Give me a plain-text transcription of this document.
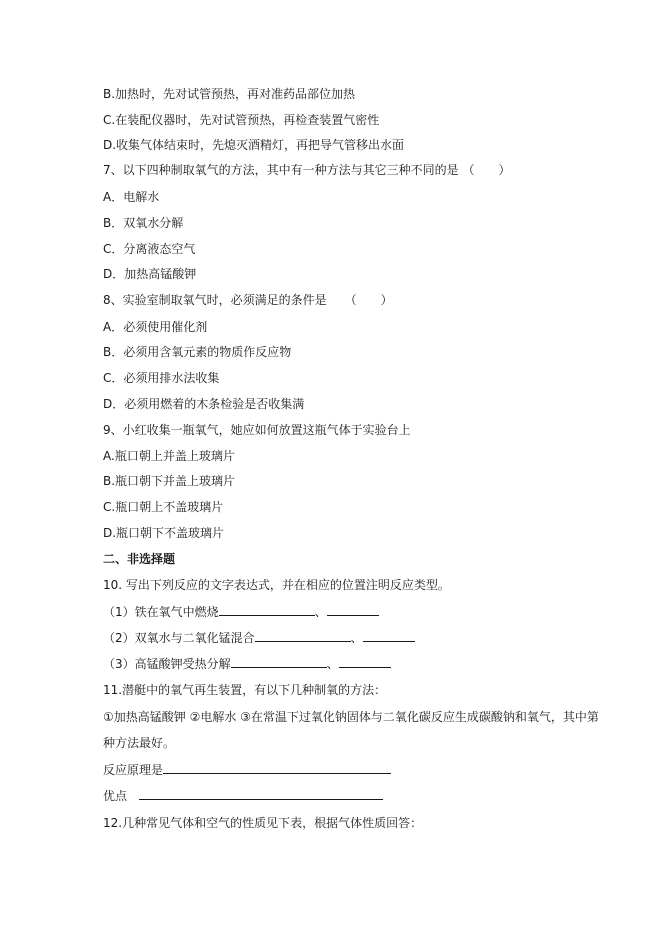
B.加热时，先对试管预热，再对准药品部位加热
C.在装配仪器时，先对试管预热，再检查装置气密性
D.收集气体结束时，先熄灭酒精灯，再把导气管移出水面
7、以下四种制取氧气的方法，其中有一种方法与其它三种不同的是 （　　）
A．电解水
B．双氧水分解
C．分离液态空气
D．加热高锰酸钾
8、实验室制取氧气时，必须满足的条件是　　（　　）
A．必须使用催化剂
B．必须用含氧元素的物质作反应物
C．必须用排水法收集
D．必须用燃着的木条检验是否收集满
9、小红收集一瓶氧气，她应如何放置这瓶气体于实验台上
A.瓶口朝上并盖上玻璃片
B.瓶口朝下并盖上玻璃片
C.瓶口朝上不盖玻璃片
D.瓶口朝下不盖玻璃片
二、非选择题
10. 写出下列反应的文字表达式，并在相应的位置注明反应类型。
（1）铁在氧气中燃烧	、
（2）双氧水与二氧化锰混合	、
（3）高锰酸钾受热分解	、
11.潜艇中的氧气再生装置，有以下几种制氧的方法：
①加热高锰酸钾 ②电解水 ③在常温下过氧化钠固体与二氧化碳反应生成碳酸钠和氧气，其中第
种方法最好。
反应原理是
优点 
12.几种常见气体和空气的性质见下表，根据气体性质回答：
